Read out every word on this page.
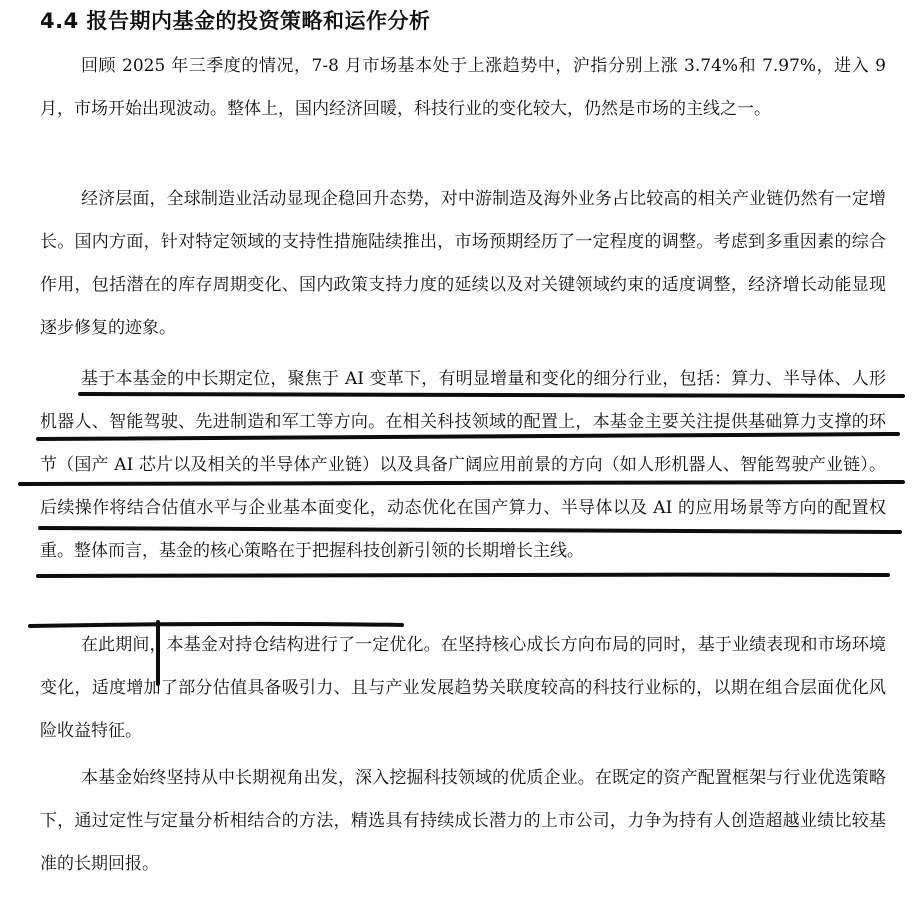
4.4 报告期内基金的投资策略和运作分析

回顾 2025 年三季度的情况，7-8 月市场基本处于上涨趋势中，沪指分别上涨 3.74%和 7.97%，进入 9 月，市场开始出现波动。整体上，国内经济回暖，科技行业的变化较大，仍然是市场的主线之一。

经济层面，全球制造业活动显现企稳回升态势，对中游制造及海外业务占比较高的相关产业链仍然有一定增长。国内方面，针对特定领域的支持性措施陆续推出，市场预期经历了一定程度的调整。考虑到多重因素的综合作用，包括潜在的库存周期变化、国内政策支持力度的延续以及对关键领域约束的适度调整，经济增长动能显现逐步修复的迹象。

基于本基金的中长期定位，聚焦于 AI 变革下，有明显增量和变化的细分行业，包括：算力、半导体、人形机器人、智能驾驶、先进制造和军工等方向。在相关科技领域的配置上，本基金主要关注提供基础算力支撑的环节（国产 AI 芯片以及相关的半导体产业链）以及具备广阔应用前景的方向（如人形机器人、智能驾驶产业链）。后续操作将结合估值水平与企业基本面变化，动态优化在国产算力、半导体以及 AI 的应用场景等方向的配置权重。整体而言，基金的核心策略在于把握科技创新引领的长期增长主线。

在此期间，本基金对持仓结构进行了一定优化。在坚持核心成长方向布局的同时，基于业绩表现和市场环境变化，适度增加了部分估值具备吸引力、且与产业发展趋势关联度较高的科技行业标的，以期在组合层面优化风险收益特征。

本基金始终坚持从中长期视角出发，深入挖掘科技领域的优质企业。在既定的资产配置框架与行业优选策略下，通过定性与定量分析相结合的方法，精选具有持续成长潜力的上市公司，力争为持有人创造超越业绩比较基准的长期回报。
